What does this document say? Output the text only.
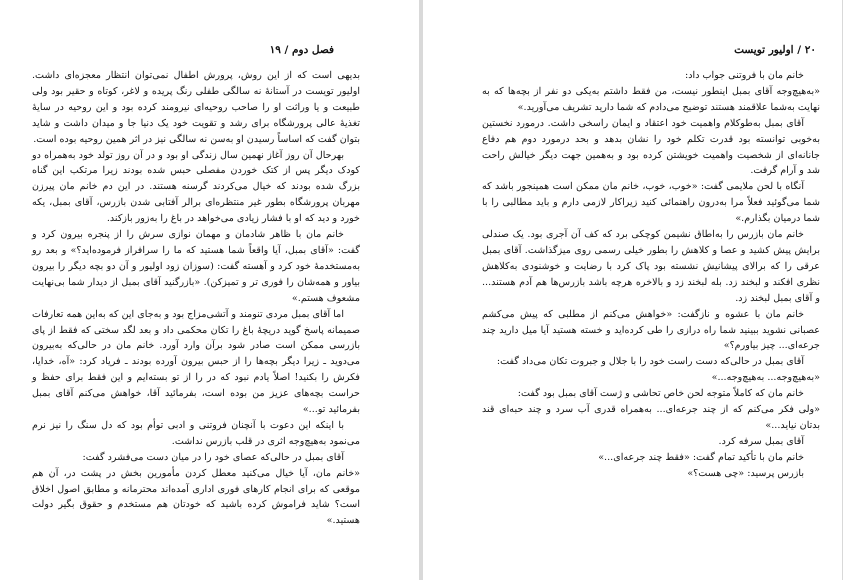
۲۰ / اولیور تویست

خانم مان با فروتنی جواب داد:

«به‌هیچ‌وجه آقای بمبل اینطور نیست، من فقط داشتم به‌یکی دو نفر از بچه‌ها که به نهایت به‌شما علاقمند هستند توضیح می‌دادم که شما دارید تشریف می‌آورید.»

آقای بمبل به‌طوکلام واهمیت خود اعتقاد و ایمان راسخی داشت. درمورد نخستین به‌خوبی توانسته بود قدرت تکلم خود را نشان بدهد و بحد درمورد دوم هم دفاع جانانه‌ای از شخصیت واهمیت خویشتن کرده بود و به‌همین جهت دیگر خیالش راحت شد و آرام گرفت.

آنگاه با لحن ملایمی گفت: «خوب، خوب، خانم مان ممکن است همینجور باشد که شما می‌گوئید فعلاً مرا به‌درون راهنمائی کنید زیراکار لازمی دارم و باید مطالبی را با شما درمیان بگذارم.»

خانم مان بازرس را به‌اطاق نشیمن کوچکی برد که کف آن آجری بود. یک صندلی برایش پیش کشید و عصا و کلاهش را بطور خیلی رسمی روی میزگذاشت. آقای بمبل عرقی را که برالای پیشانیش نشسته بود پاک کرد با رضایت و خوشنودی به‌کلاهش نظری افکند و لبخند زد. بله لبخند زد و بالاخره هرچه باشد بازرس‌ها هم آدم هستند... و آقای بمبل لبخند زد.

خانم مان با عشوه و نازگفت: «خواهش می‌کنم از مطلبی که پیش می‌کشم عصبانی نشوید ببینید شما راه درازی را طی کرده‌اید و خسته هستید آیا میل دارید چند جرعه‌ای... چیز بیاورم؟»

آقای بمبل در حالی‌که دست راست خود را با جلال و جبروت تکان می‌داد گفت:

«به‌هیچ‌وجه... به‌هیچ‌وجه...»

خانم مان که کاملاً متوجه لحن خاص تحاشی و ژست آقای بمبل بود گفت:

«ولی فکر می‌کنم که از چند جرعه‌ای... به‌همراه قدری آب سرد و چند حبه‌ای قند بدتان نیاید...»

آقای بمبل سرفه کرد.

خانم مان با تأکید تمام گفت: «فقط چند جرعه‌ای...»

بازرس پرسید: «چی هست؟»

فصل دوم / ۱۹

بدیهی است که از این روش، پرورش اطفال نمی‌توان انتظار معجزه‌ای داشت. اولیور تویست در آستانهٔ نه سالگی طفلی رنگ پریده و لاغر، کوتاه و حقیر بود ولی طبیعت و یا وراثت او را صاحب روحیه‌ای نیرومند کرده بود و این روحیه در سایهٔ تغذیهٔ عالی پرورشگاه برای رشد و تقویت خود یک دنیا جا و میدان داشت و شاید بتوان گفت که اساساً رسیدن او به‌سن نه سالگی نیز در اثر همین روحیه بوده است.

بهرحال آن روز آغاز نهمین سال زندگی او بود و در آن روز تولد خود به‌همراه دو کودک دیگر پس از کتک خوردن مفصلی حبس شده بودند زیرا مرتکب این گناه بزرگ شده بودند که خیال می‌کردند گرسنه هستند. در این دم خانم مان پیرزن مهربان پرورشگاه بطور غیر منتظره‌ای برالر آفتابی شدن بازرس، آقای بمبل، یکه خورد و دید که او با فشار زیادی می‌خواهد در باغ را به‌زور بازکند.

خانم مان با ظاهر شادمان و مهمان نوازی سرش را از پنجره بیرون کرد و گفت: «آقای بمبل، آیا واقعاً شما هستید که ما را سرافراز فرموده‌اید؟» و بعد رو به‌مستخدمهٔ خود کرد و آهسته گفت: (سوزان زود اولیور و آن دو بچه دیگر را بیرون بیاور و همه‌شان را فوری تر و تمیزکن). «بازرگنید آقای بمبل از دیدار شما بی‌نهایت مشعوف هستم.»

اما آقای بمبل مردی تنومند و آتشی‌مزاج بود و به‌جای این که به‌این همه تعارفات صمیمانه پاسخ گوید دریچهٔ باغ را تکان محکمی داد و بعد لگد سختی که فقط از پای بازرسی ممکن است صادر شود برآن وارد آورد. خانم مان در حالی‌که به‌بیرون می‌دوید ـ زیرا دیگر بچه‌ها را از حبس بیرون آورده بودند ـ فریاد کرد: «آه، خدایا، فکرش را بکنید! اصلاً یادم نبود که در را از تو بسته‌ایم و این فقط برای حفظ و حراست بچه‌های عزیز من بوده است، بفرمائید آقا، خواهش می‌کنم آقای بمبل بفرمائید تو...»

با اینکه این دعوت با آنچنان فروتنی و ادبی توأم بود که دل سنگ را نیز نرم می‌نمود به‌هیچ‌وجه اثری در قلب بازرس نداشت.

آقای بمبل در حالی‌که عصای خود را در میان دست می‌فشرد گفت:

«خانم مان، آیا خیال می‌کنید معطل کردن مأمورین بخش در پشت در، آن هم موقعی که برای انجام کارهای فوری اداری آمده‌اند محترمانه و مطابق اصول اخلاق است؟ شاید فراموش کرده باشید که خودتان هم مستخدم و حقوق بگیر دولت هستید.»
